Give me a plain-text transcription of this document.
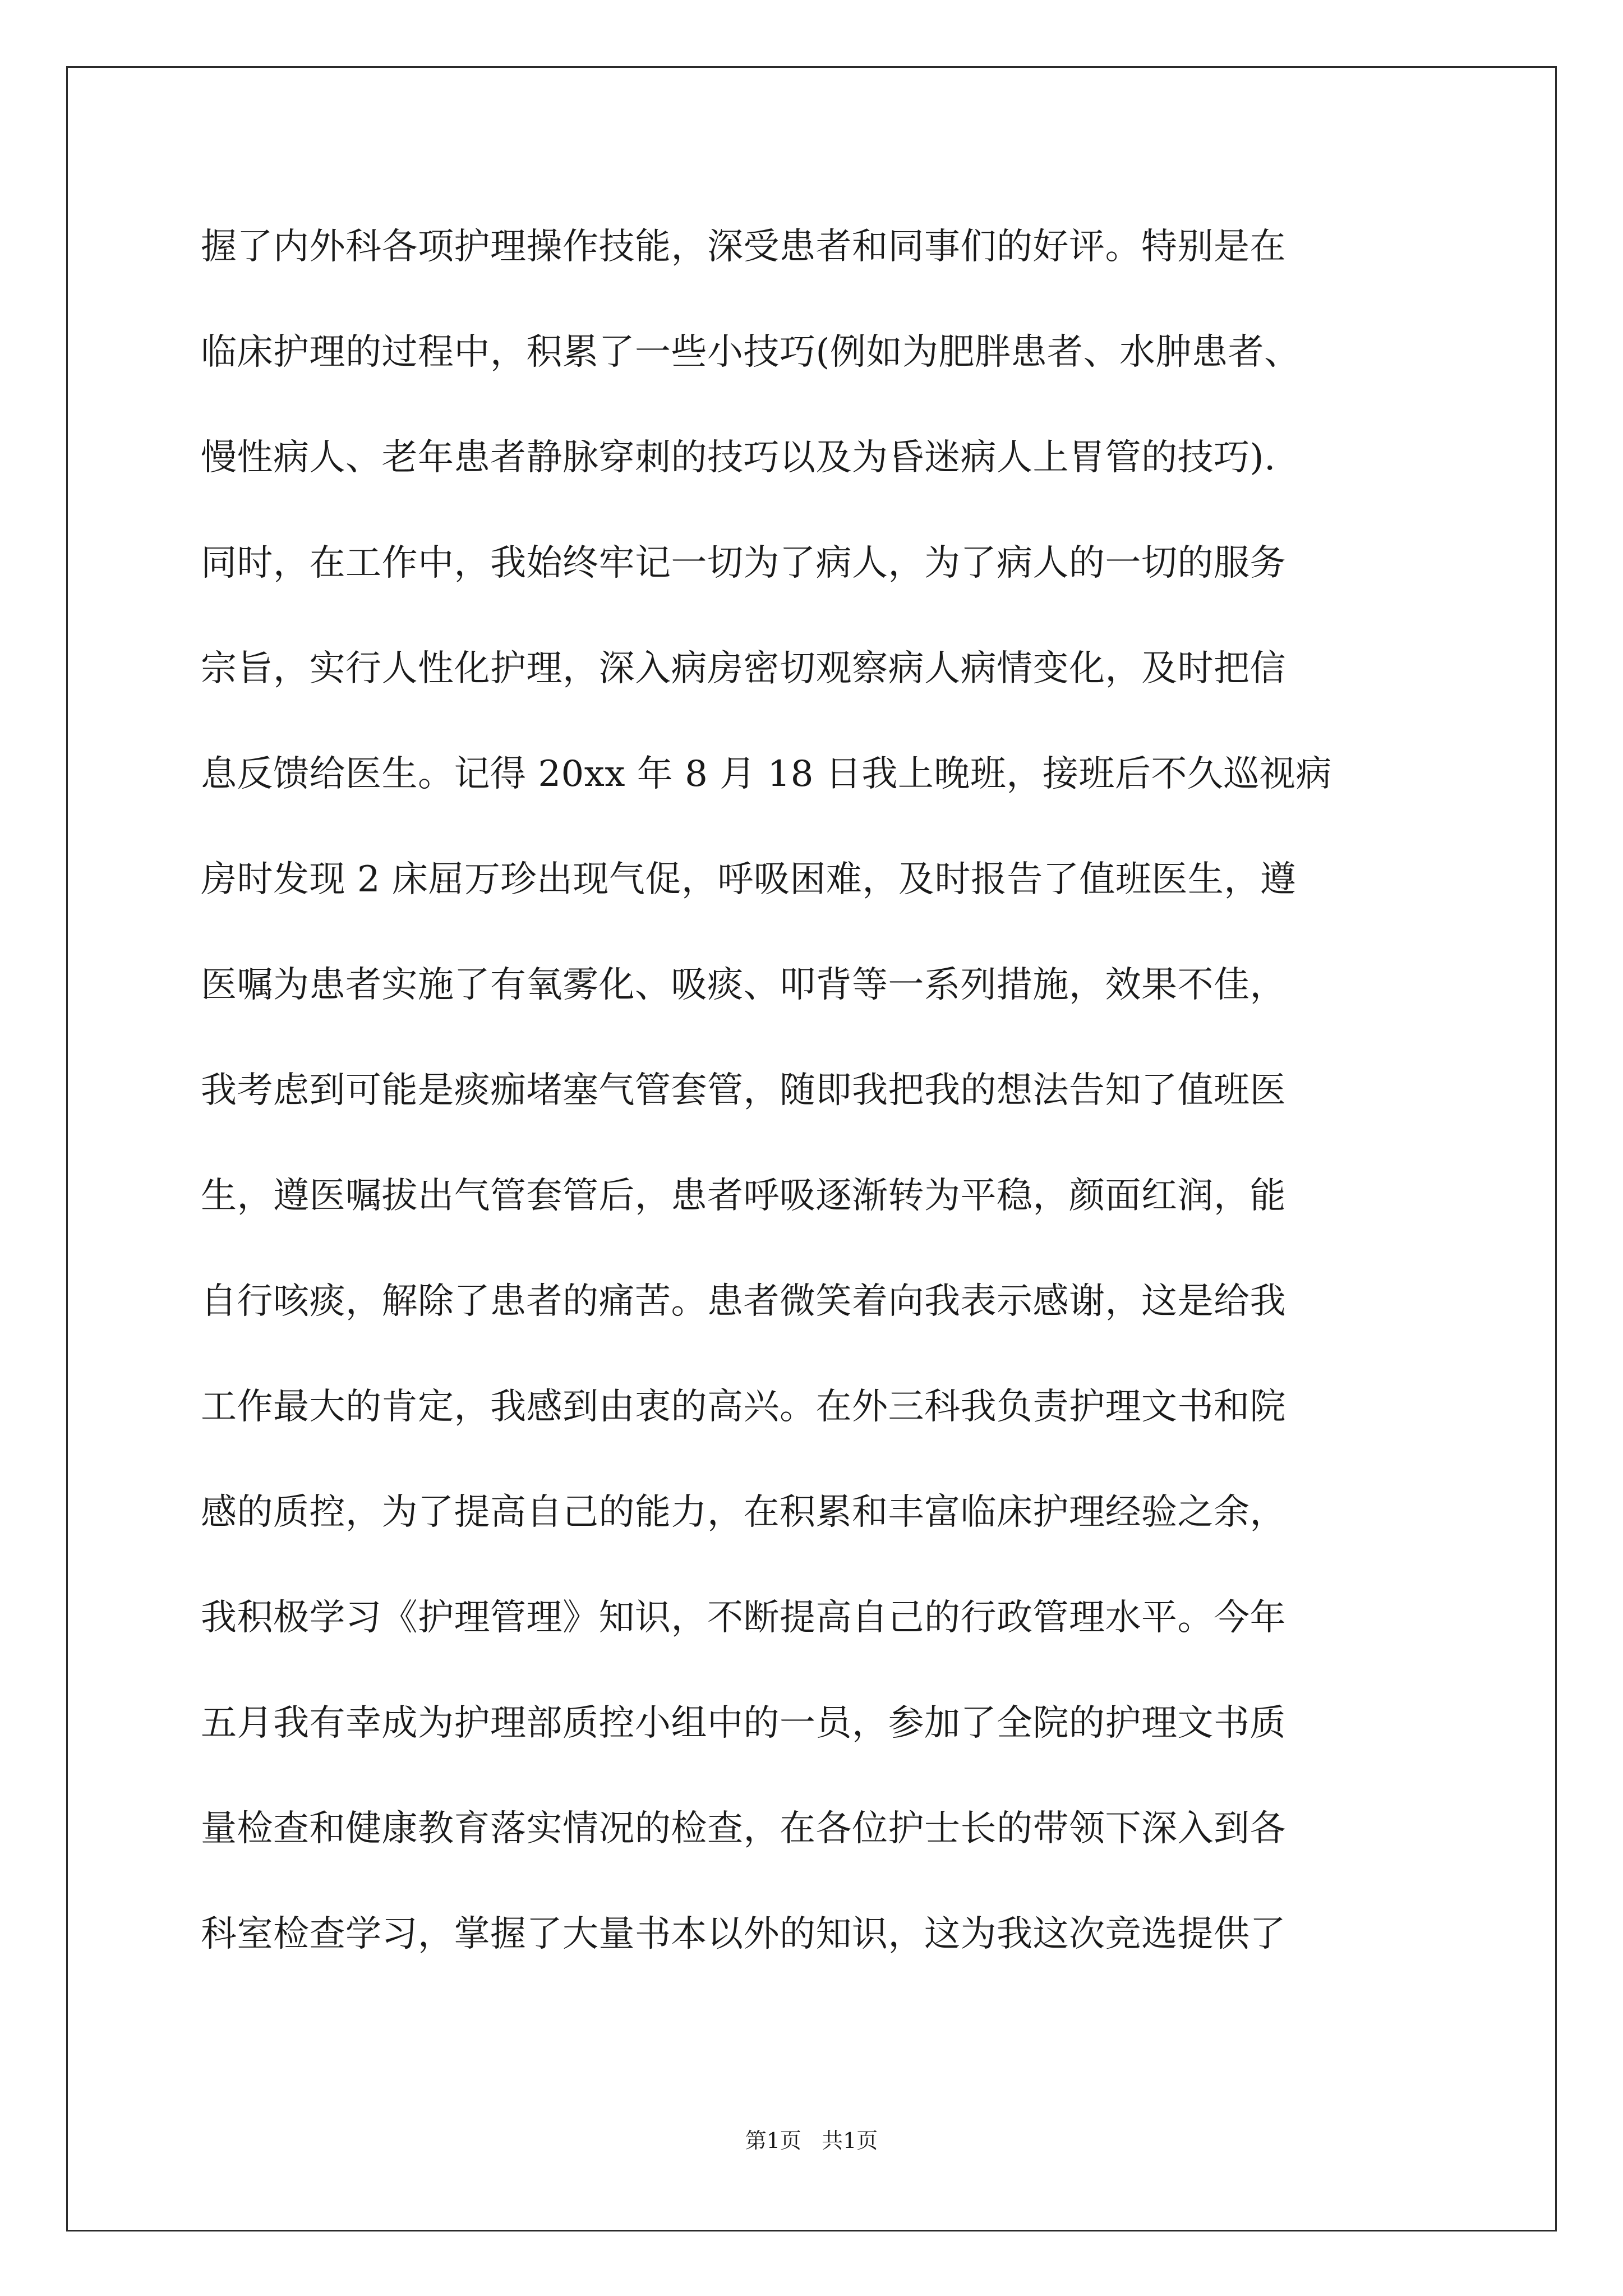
握了内外科各项护理操作技能，深受患者和同事们的好评。特别是在
临床护理的过程中，积累了一些小技巧(例如为肥胖患者、水肿患者、
慢性病人、老年患者静脉穿刺的技巧以及为昏迷病人上胃管的技巧).
同时，在工作中，我始终牢记一切为了病人，为了病人的一切的服务
宗旨，实行人性化护理，深入病房密切观察病人病情变化，及时把信
息反馈给医生。记得 20xx 年 8 月 18 日我上晚班，接班后不久巡视病
房时发现 2 床屈万珍出现气促，呼吸困难，及时报告了值班医生，遵
医嘱为患者实施了有氧雾化、吸痰、叩背等一系列措施，效果不佳，
我考虑到可能是痰痂堵塞气管套管，随即我把我的想法告知了值班医
生，遵医嘱拔出气管套管后，患者呼吸逐渐转为平稳，颜面红润，能
自行咳痰，解除了患者的痛苦。患者微笑着向我表示感谢，这是给我
工作最大的肯定，我感到由衷的高兴。在外三科我负责护理文书和院
感的质控，为了提高自己的能力，在积累和丰富临床护理经验之余，
我积极学习《护理管理》知识，不断提高自己的行政管理水平。今年
五月我有幸成为护理部质控小组中的一员，参加了全院的护理文书质
量检查和健康教育落实情况的检查，在各位护士长的带领下深入到各
科室检查学习，掌握了大量书本以外的知识，这为我这次竞选提供了
第1页   共1页
